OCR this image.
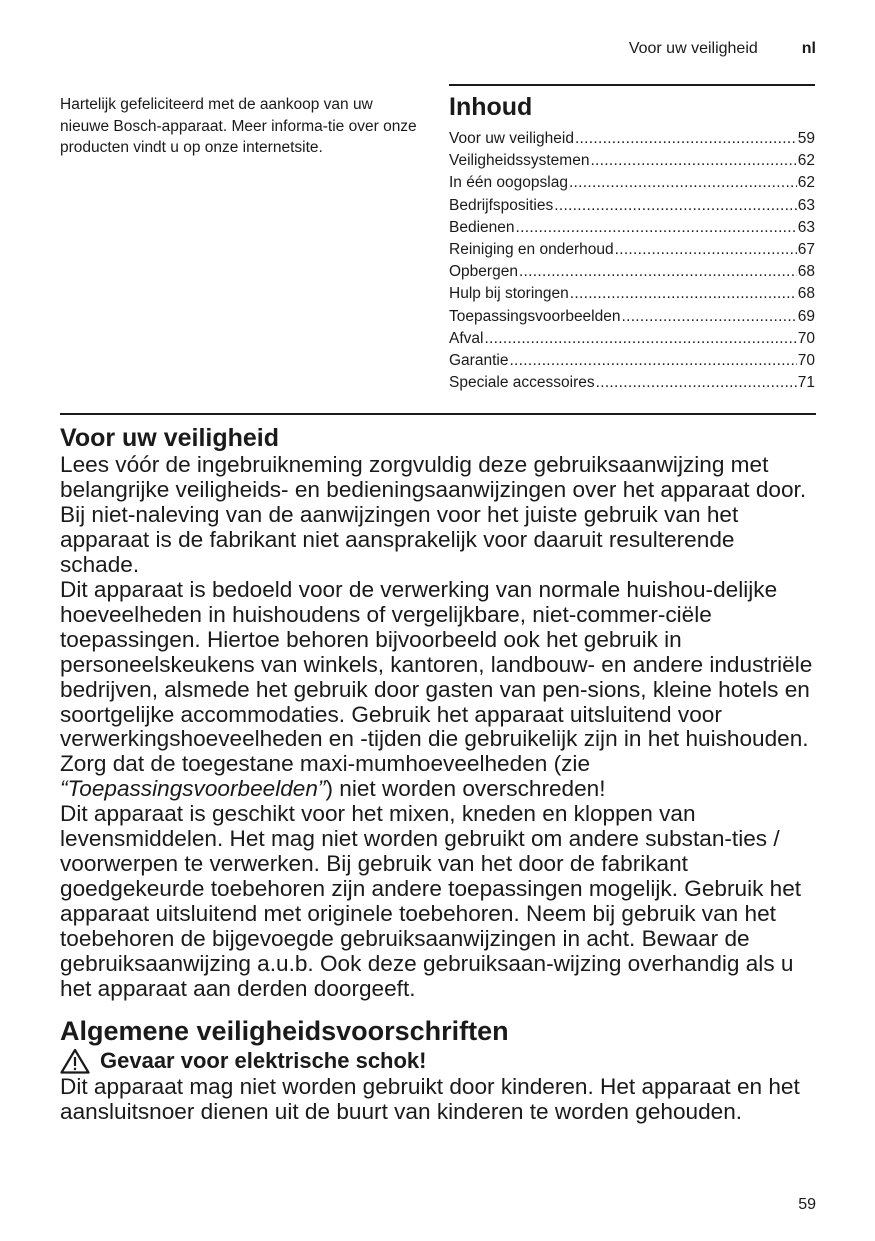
Voor uw veiligheid	nl
Hartelijk gefeliciteerd met de aankoop van uw nieuwe Bosch-apparaat. Meer informa-tie over onze producten vindt u op onze internetsite.
Inhoud
Voor uw veiligheid .....	59
Veiligheidssystemen .....	62
In één oogopslag .....	62
Bedrijfsposities .....	63
Bedienen .....	63
Reiniging en onderhoud .....	67
Opbergen .....	68
Hulp bij storingen .....	68
Toepassingsvoorbeelden .....	69
Afval .....	70
Garantie .....	70
Speciale accessoires .....	71
Voor uw veiligheid

Lees vóór de ingebruikneming zorgvuldig deze gebruiksaanwijzing met belangrijke veiligheids- en bedieningsaanwijzingen over het apparaat door. Bij niet-naleving van de aanwijzingen voor het juiste gebruik van het apparaat is de fabrikant niet aansprakelijk voor daaruit resulterende schade.

Dit apparaat is bedoeld voor de verwerking van normale huishou-delijke hoeveelheden in huishoudens of vergelijkbare, niet-commer-ciële toepassingen. Hiertoe behoren bijvoorbeeld ook het gebruik in personeelskeukens van winkels, kantoren, landbouw- en andere industriële bedrijven, alsmede het gebruik door gasten van pen-sions, kleine hotels en soortgelijke accommodaties. Gebruik het apparaat uitsluitend voor verwerkingshoeveelheden en -tijden die gebruikelijk zijn in het huishouden. Zorg dat de toegestane maxi-mumhoeveelheden (zie “Toepassingsvoorbeelden”) niet worden overschreden!

Dit apparaat is geschikt voor het mixen, kneden en kloppen van levensmiddelen. Het mag niet worden gebruikt om andere substan-ties / voorwerpen te verwerken. Bij gebruik van het door de fabrikant goedgekeurde toebehoren zijn andere toepassingen mogelijk. Gebruik het apparaat uitsluitend met originele toebehoren. Neem bij gebruik van het toebehoren de bijgevoegde gebruiksaanwijzingen in acht. Bewaar de gebruiksaanwijzing a.u.b. Ook deze gebruiksaan-wijzing overhandig als u het apparaat aan derden doorgeeft.

Algemene veiligheidsvoorschriften
Gevaar voor elektrische schok!

Dit apparaat mag niet worden gebruikt door kinderen. Het apparaat en het aansluitsnoer dienen uit de buurt van kinderen te worden gehouden.

59
